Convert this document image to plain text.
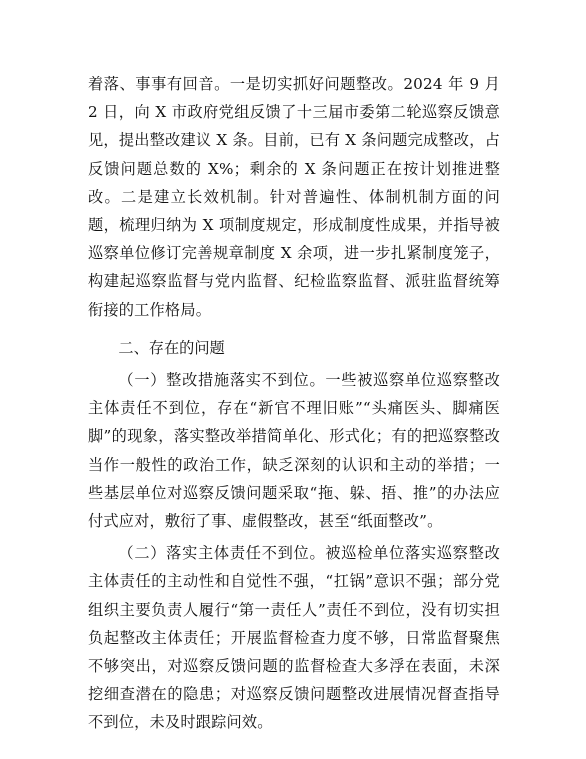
着落、事事有回音。一是切实抓好问题整改。2024 年 9 月 2 日，向 X 市政府党组反馈了十三届市委第二轮巡察反馈意见，提出整改建议 X 条。目前，已有 X 条问题完成整改，占反馈问题总数的 X%；剩余的 X 条问题正在按计划推进整改。二是建立长效机制。针对普遍性、体制机制方面的问题，梳理归纳为 X 项制度规定，形成制度性成果，并指导被巡察单位修订完善规章制度 X 余项，进一步扎紧制度笼子，构建起巡察监督与党内监督、纪检监察监督、派驻监督统筹衔接的工作格局。

二、存在的问题

（一）整改措施落实不到位。一些被巡察单位巡察整改主体责任不到位，存在“新官不理旧账”“头痛医头、脚痛医脚”的现象，落实整改举措简单化、形式化；有的把巡察整改当作一般性的政治工作，缺乏深刻的认识和主动的举措；一些基层单位对巡察反馈问题采取“拖、躲、捂、推”的办法应付式应对，敷衍了事、虚假整改，甚至“纸面整改”。

（二）落实主体责任不到位。被巡检单位落实巡察整改主体责任的主动性和自觉性不强，“扛锅”意识不强；部分党组织主要负责人履行“第一责任人”责任不到位，没有切实担负起整改主体责任；开展监督检查力度不够，日常监督聚焦不够突出，对巡察反馈问题的监督检查大多浮在表面，未深挖细查潜在的隐患；对巡察反馈问题整改进展情况督查指导不到位，未及时跟踪问效。
